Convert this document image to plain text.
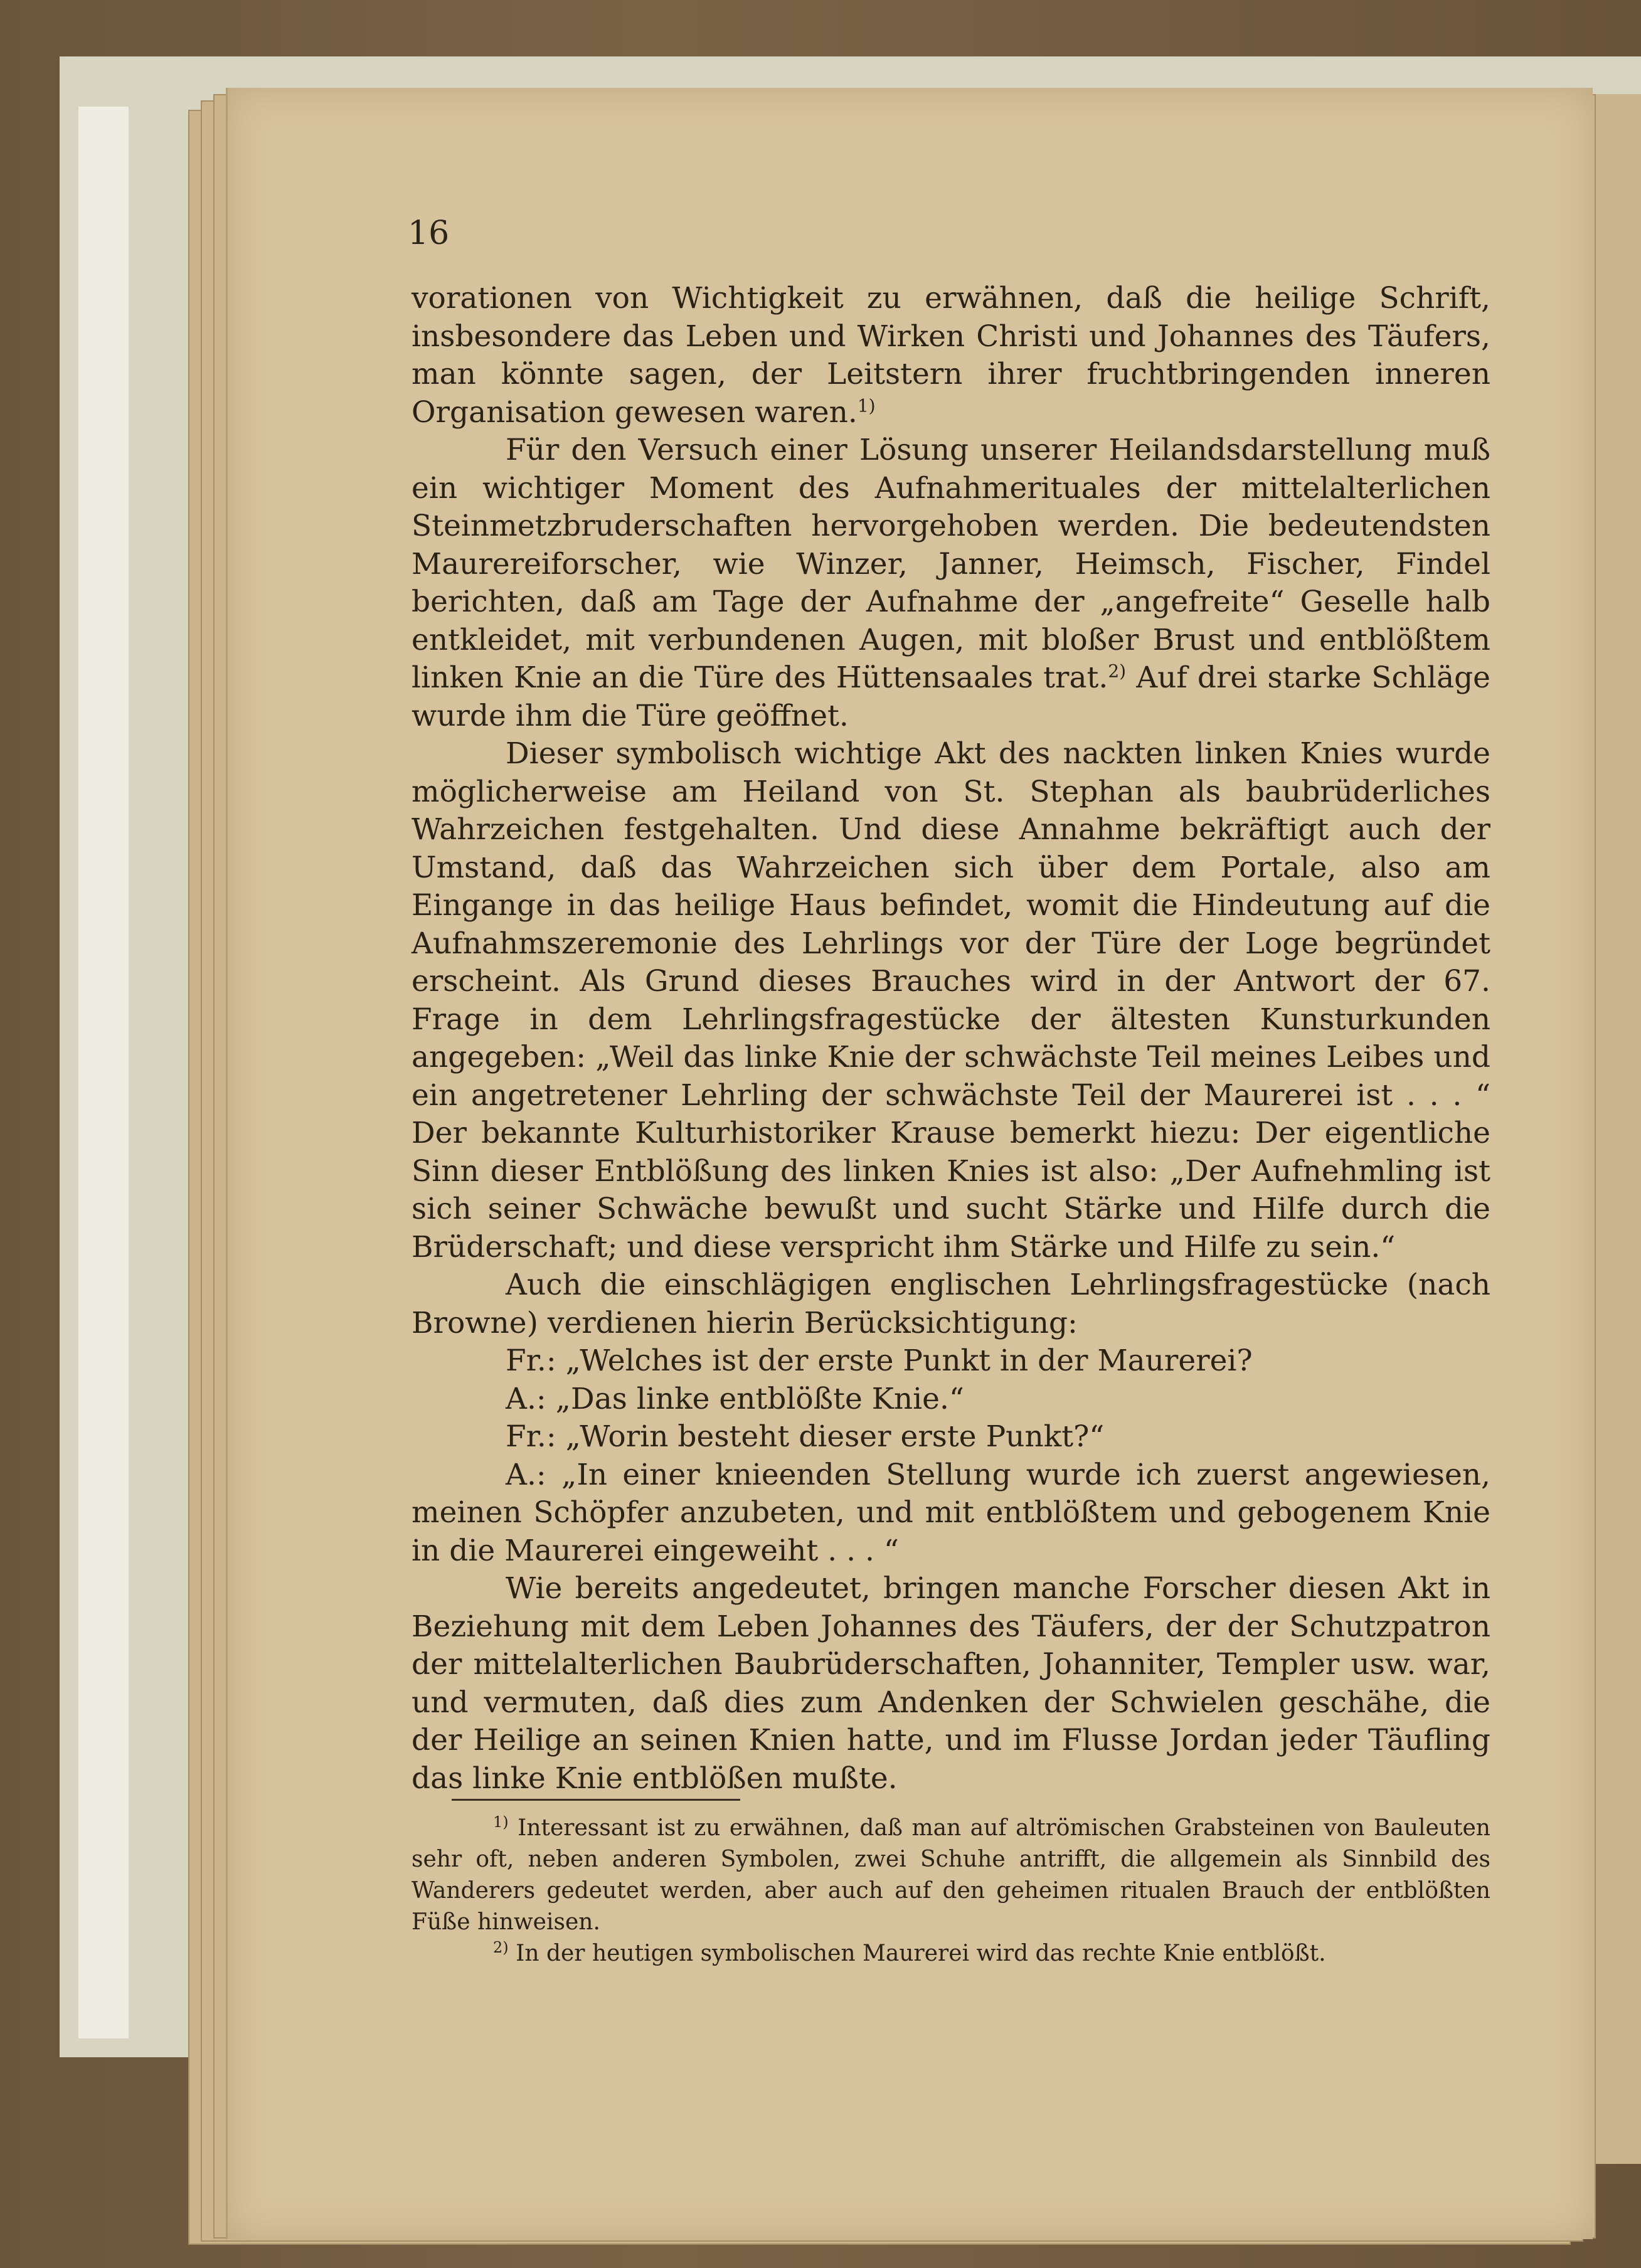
16

vorationen von Wichtigkeit zu erwähnen, daß die heilige Schrift, insbesondere das Leben und Wirken Christi und Johannes des Täufers, man könnte sagen, der Leitstern ihrer fruchtbringenden inneren Organisation gewesen waren.$^{1)}$

Für den Versuch einer Lösung unserer Heilandsdarstellung muß ein wichtiger Moment des Aufnahmerituales der mittelalterlichen Steinmetzbruderschaften hervorgehoben werden. Die bedeutendsten Maurereiforscher, wie Winzer, Janner, Heimsch, Fischer, Findel berichten, daß am Tage der Aufnahme der „angefreite“ Geselle halb entkleidet, mit verbundenen Augen, mit bloßer Brust und entblößtem linken Knie an die Türe des Hüttensaales trat.$^{2)}$ Auf drei starke Schläge wurde ihm die Türe geöffnet.

Dieser symbolisch wichtige Akt des nackten linken Knies wurde möglicherweise am Heiland von St. Stephan als baubrüderliches Wahrzeichen festgehalten. Und diese Annahme bekräftigt auch der Umstand, daß das Wahrzeichen sich über dem Portale, also am Eingange in das heilige Haus befindet, womit die Hindeutung auf die Aufnahmszeremonie des Lehrlings vor der Türe der Loge begründet erscheint. Als Grund dieses Brauches wird in der Antwort der 67. Frage in dem Lehrlingsfragestücke der ältesten Kunsturkunden angegeben: „Weil das linke Knie der schwächste Teil meines Leibes und ein angetretener Lehrling der schwächste Teil der Maurerei ist . . . “ Der bekannte Kulturhistoriker Krause bemerkt hiezu: Der eigentliche Sinn dieser Entblößung des linken Knies ist also: „Der Aufnehmling ist sich seiner Schwäche bewußt und sucht Stärke und Hilfe durch die Brüderschaft; und diese verspricht ihm Stärke und Hilfe zu sein.“

Auch die einschlägigen englischen Lehrlingsfragestücke (nach Browne) verdienen hierin Berücksichtigung:

Fr.: „Welches ist der erste Punkt in der Maurerei?

A.: „Das linke entblößte Knie.“

Fr.: „Worin besteht dieser erste Punkt?“

A.: „In einer knieenden Stellung wurde ich zuerst angewiesen, meinen Schöpfer anzubeten, und mit entblößtem und gebogenem Knie in die Maurerei eingeweiht . . . “

Wie bereits angedeutet, bringen manche Forscher diesen Akt in Beziehung mit dem Leben Johannes des Täufers, der der Schutzpatron der mittelalterlichen Baubrüderschaften, Johanniter, Templer usw. war, und vermuten, daß dies zum Andenken der Schwielen geschähe, die der Heilige an seinen Knien hatte, und im Flusse Jordan jeder Täufling das linke Knie entblößen mußte.

$^{1)}$ Interessant ist zu erwähnen, daß man auf altrömischen Grabsteinen von Bauleuten sehr oft, neben anderen Symbolen, zwei Schuhe antrifft, die allgemein als Sinnbild des Wanderers gedeutet werden, aber auch auf den geheimen ritualen Brauch der entblößten Füße hinweisen.

$^{2)}$ In der heutigen symbolischen Maurerei wird das rechte Knie entblößt.
